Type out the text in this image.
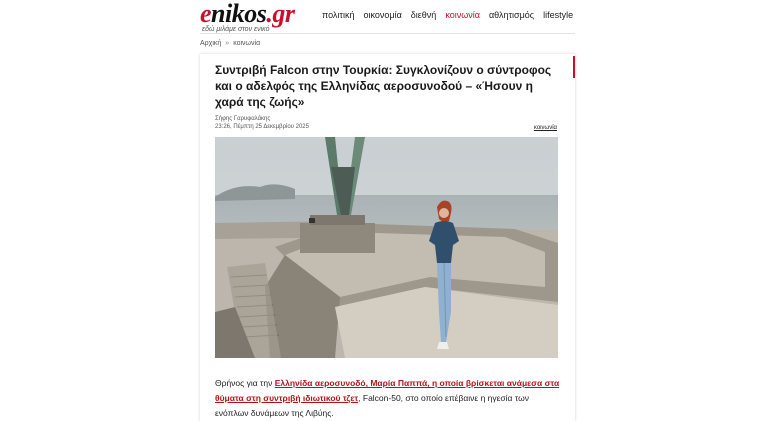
enikos.gr
εδώ μιλάμε στον ενικό
πολιτική οικονομία διεθνή κοινωνία αθλητισμός lifestyle
Αρχική » κοινωνία
Συντριβή Falcon στην Τουρκία: Συγκλονίζουν ο σύντροφος και ο αδελφός της Ελληνίδας αεροσυνοδού – «Ήσουν η χαρά της ζωής»
Σήφης Γαρυφαλάκης
23:26, Πέμπτη 25 Δεκεμβρίου 2025	κοινωνία

Θρήνος για την Ελληνίδα αεροσυνοδό, Μαρία Παππά, η οποία βρίσκεται ανάμεσα στα θύματα στη συντριβή ιδιωτικού τζετ, Falcon-50, στο οποίο επέβαινε η ηγεσία των ενόπλων δυνάμεων της Λιβύης.
